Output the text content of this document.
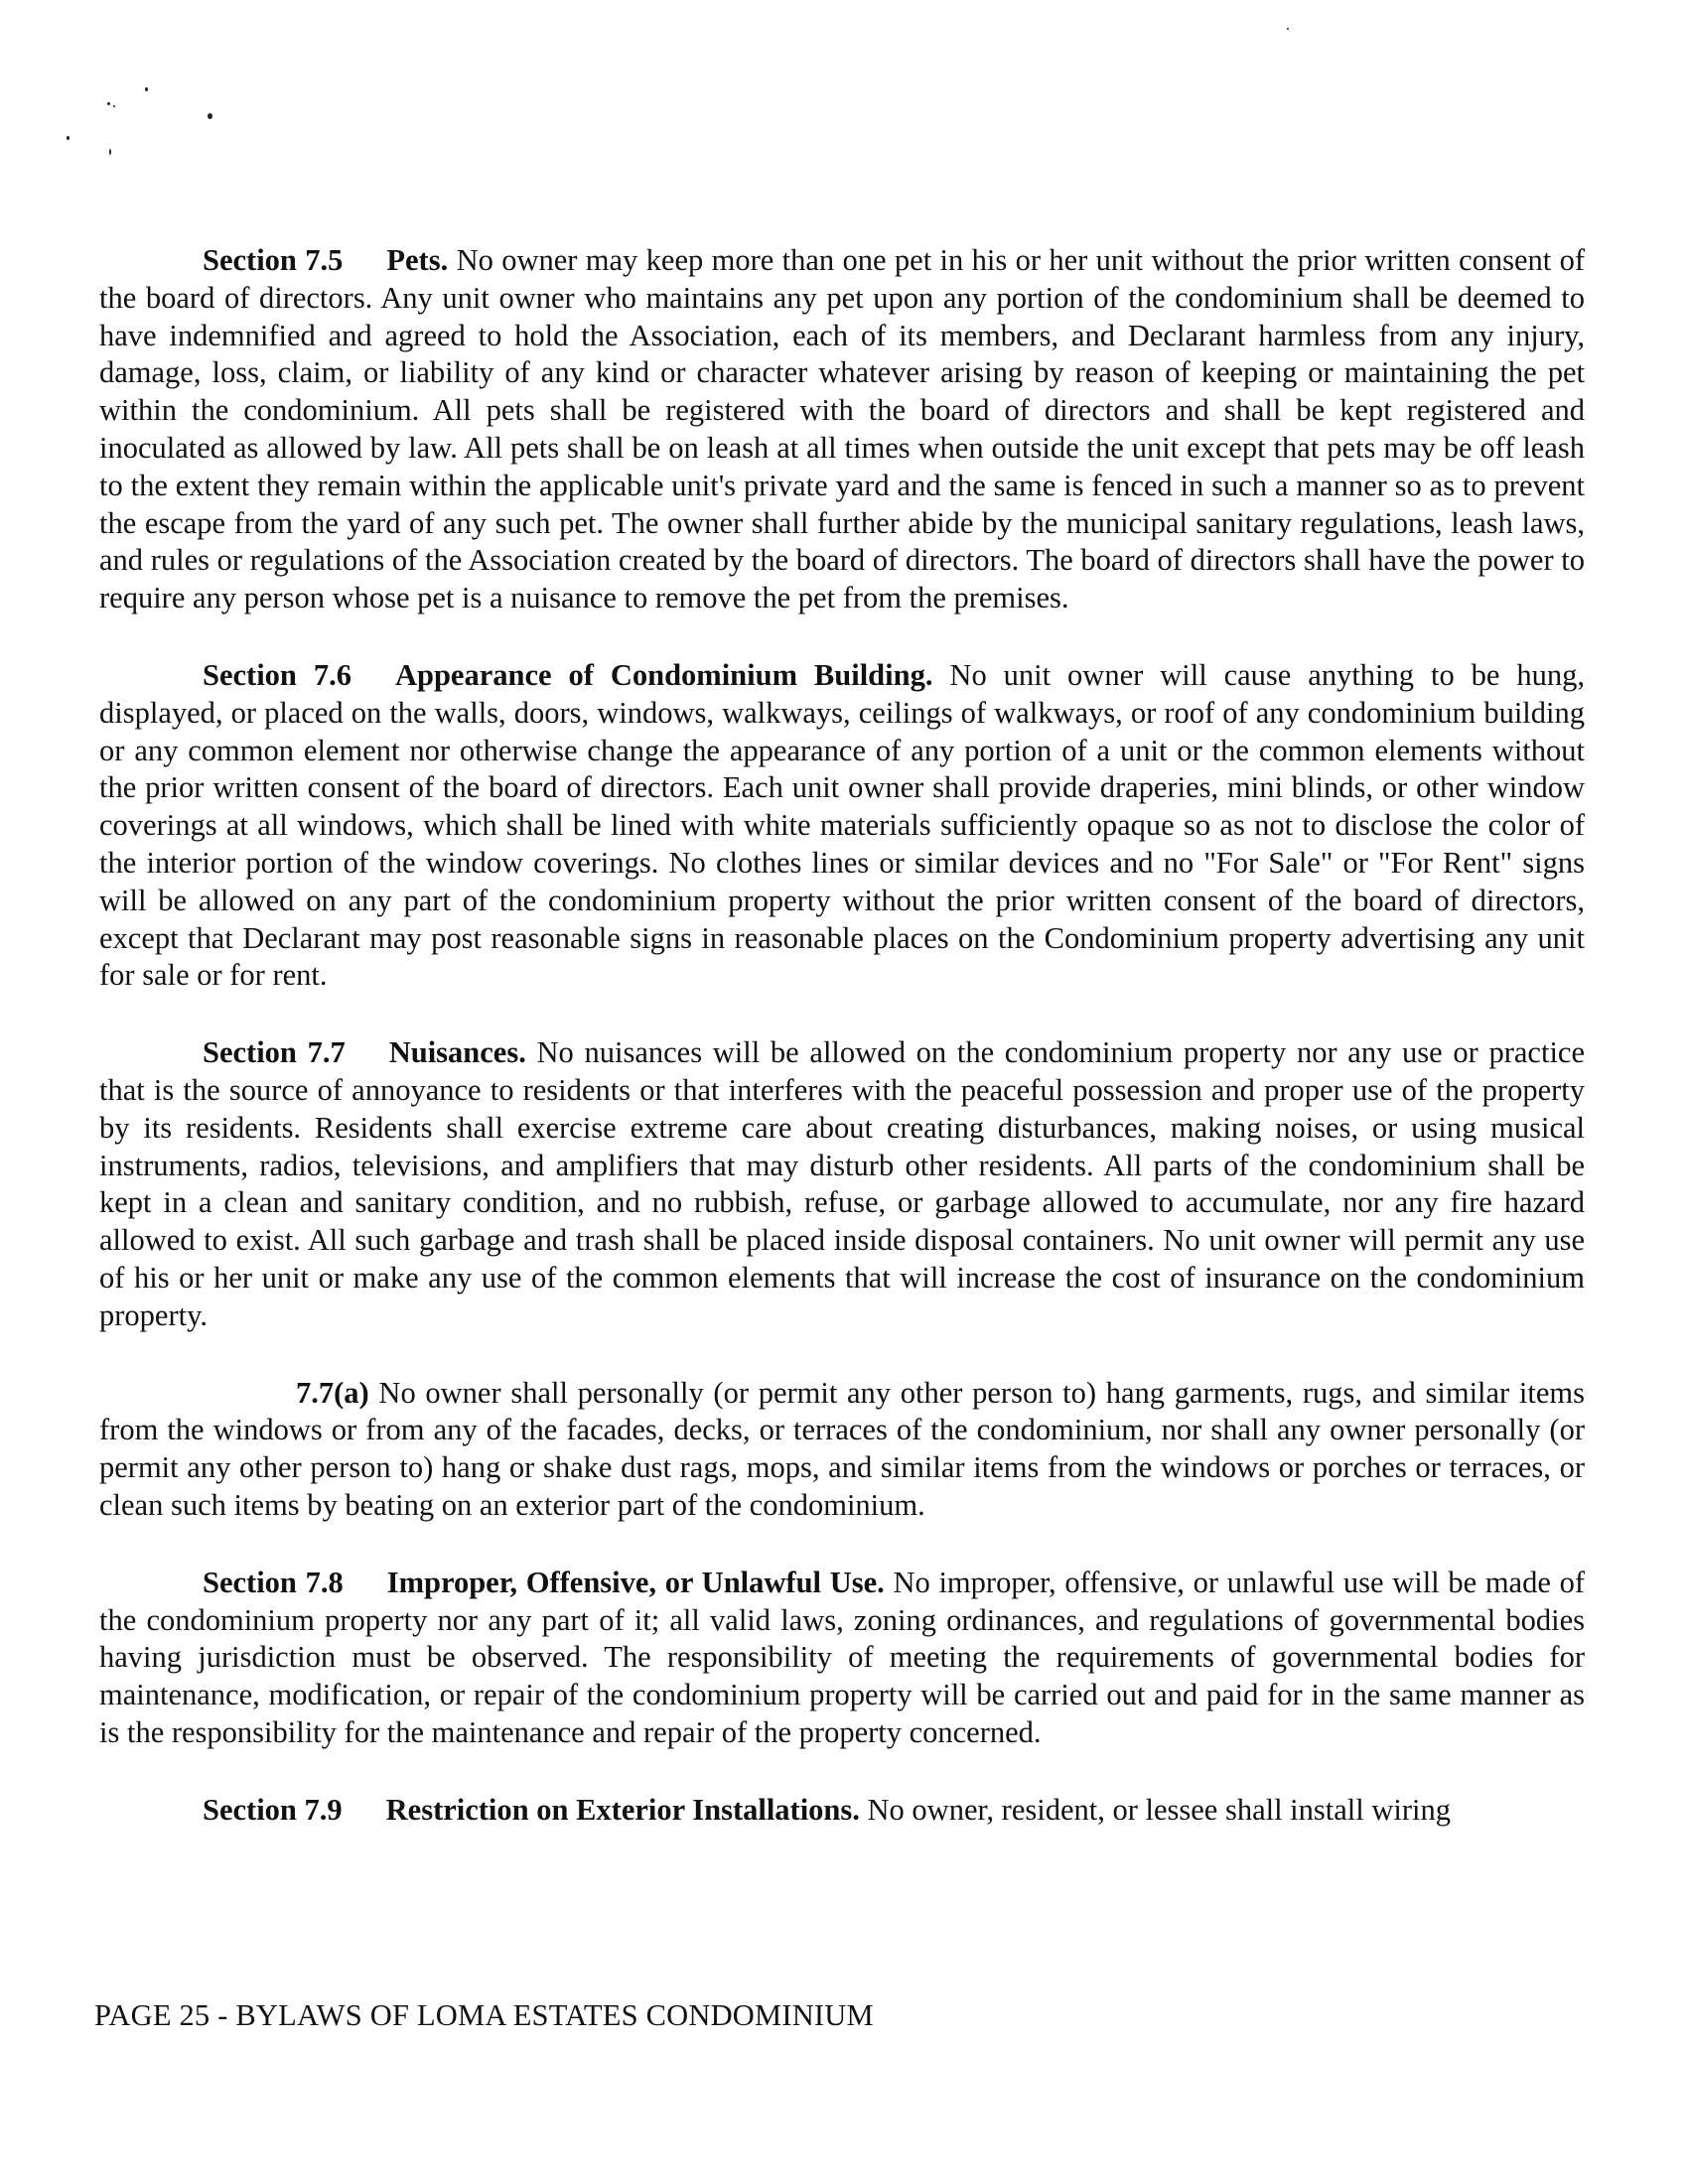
Section 7.5 Pets. No owner may keep more than one pet in his or her unit without the prior written consent of the board of directors. Any unit owner who maintains any pet upon any portion of the condominium shall be deemed to have indemnified and agreed to hold the Association, each of its members, and Declarant harmless from any injury, damage, loss, claim, or liability of any kind or character whatever arising by reason of keeping or maintaining the pet within the condominium. All pets shall be registered with the board of directors and shall be kept registered and inoculated as allowed by law. All pets shall be on leash at all times when outside the unit except that pets may be off leash to the extent they remain within the applicable unit's private yard and the same is fenced in such a manner so as to prevent the escape from the yard of any such pet. The owner shall further abide by the municipal sanitary regulations, leash laws, and rules or regulations of the Association created by the board of directors. The board of directors shall have the power to require any person whose pet is a nuisance to remove the pet from the premises.

Section 7.6 Appearance of Condominium Building. No unit owner will cause anything to be hung, displayed, or placed on the walls, doors, windows, walkways, ceilings of walkways, or roof of any condominium building or any common element nor otherwise change the appearance of any portion of a unit or the common elements without the prior written consent of the board of directors. Each unit owner shall provide draperies, mini blinds, or other window coverings at all windows, which shall be lined with white materials sufficiently opaque so as not to disclose the color of the interior portion of the window coverings. No clothes lines or similar devices and no "For Sale" or "For Rent" signs will be allowed on any part of the condominium property without the prior written consent of the board of directors, except that Declarant may post reasonable signs in reasonable places on the Condominium property advertising any unit for sale or for rent.

Section 7.7 Nuisances. No nuisances will be allowed on the condominium property nor any use or practice that is the source of annoyance to residents or that interferes with the peaceful possession and proper use of the property by its residents. Residents shall exercise extreme care about creating disturbances, making noises, or using musical instruments, radios, televisions, and amplifiers that may disturb other residents. All parts of the condominium shall be kept in a clean and sanitary condition, and no rubbish, refuse, or garbage allowed to accumulate, nor any fire hazard allowed to exist. All such garbage and trash shall be placed inside disposal containers. No unit owner will permit any use of his or her unit or make any use of the common elements that will increase the cost of insurance on the condominium property.

7.7(a) No owner shall personally (or permit any other person to) hang garments, rugs, and similar items from the windows or from any of the facades, decks, or terraces of the condominium, nor shall any owner personally (or permit any other person to) hang or shake dust rags, mops, and similar items from the windows or porches or terraces, or clean such items by beating on an exterior part of the condominium.

Section 7.8 Improper, Offensive, or Unlawful Use. No improper, offensive, or unlawful use will be made of the condominium property nor any part of it; all valid laws, zoning ordinances, and regulations of governmental bodies having jurisdiction must be observed. The responsibility of meeting the requirements of governmental bodies for maintenance, modification, or repair of the condominium property will be carried out and paid for in the same manner as is the responsibility for the maintenance and repair of the property concerned.

Section 7.9 Restriction on Exterior Installations. No owner, resident, or lessee shall install wiring

PAGE 25 - BYLAWS OF LOMA ESTATES CONDOMINIUM
